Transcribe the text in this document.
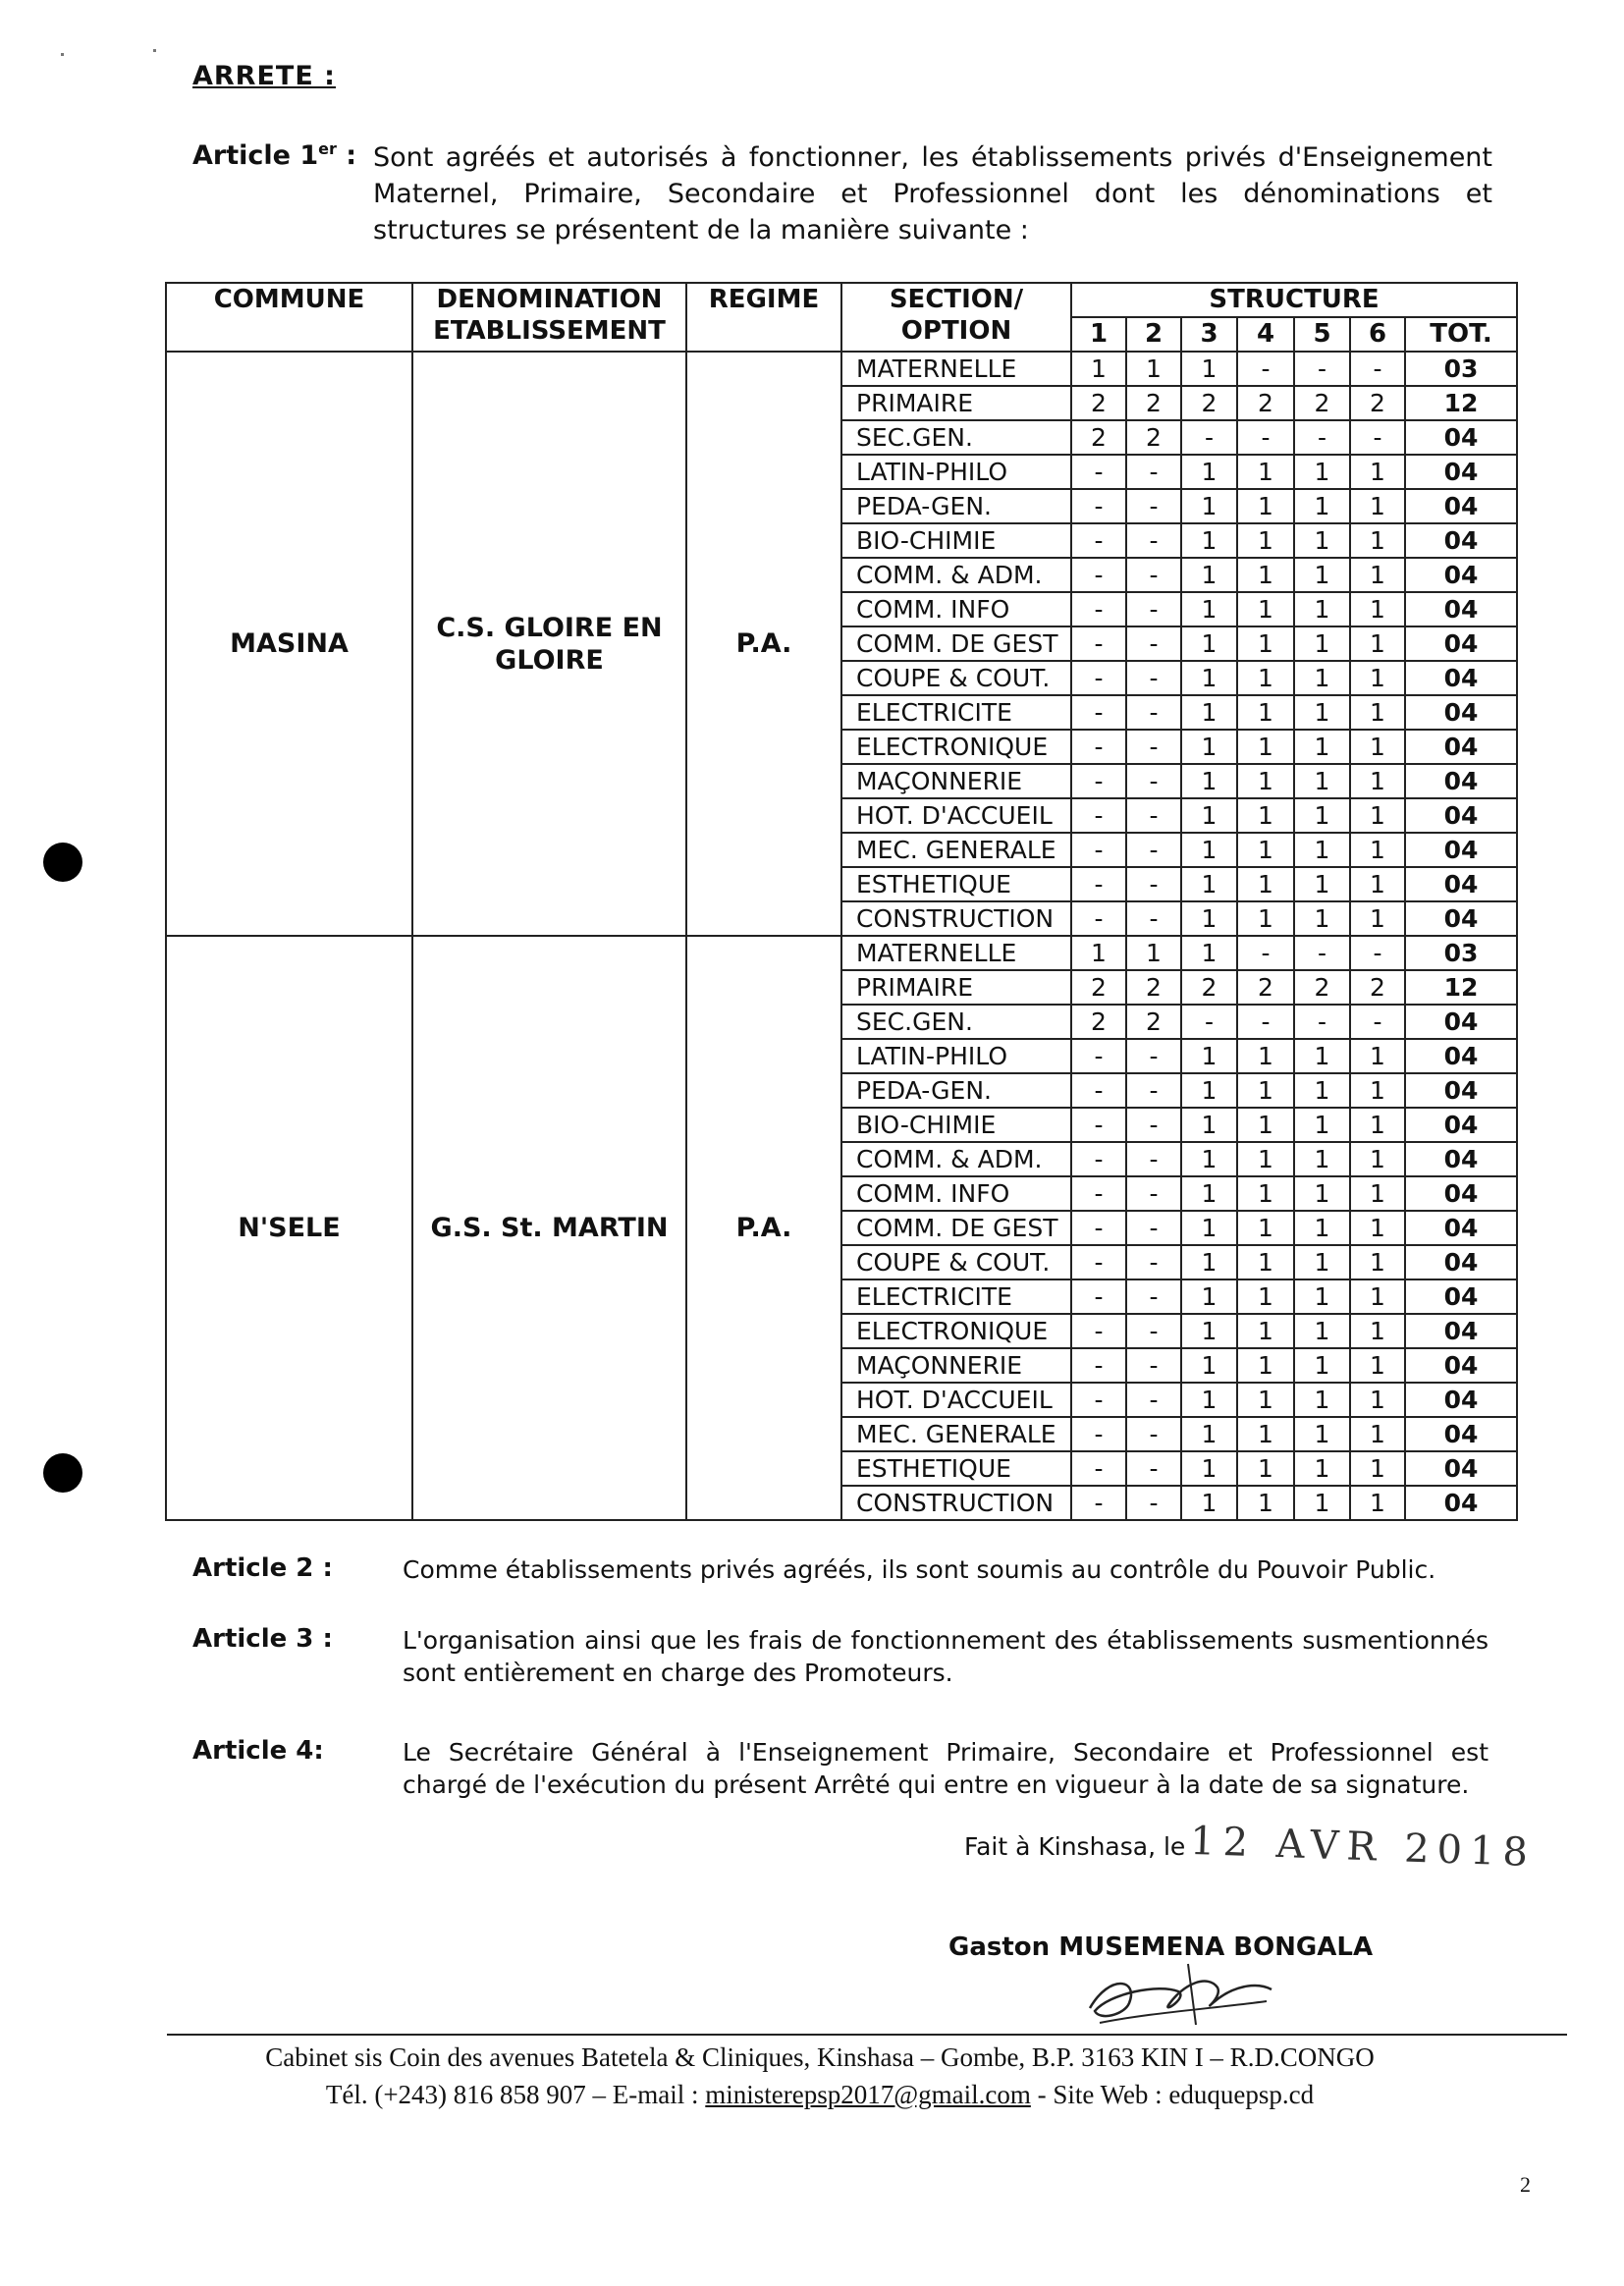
ARRETE :
Article 1er : Sont agréés et autorisés à fonctionner, les établissements privés d'Enseignement Maternel, Primaire, Secondaire et Professionnel dont les dénominations et structures se présentent de la manière suivante :
COMMUNE	DENOMINATION ETABLISSEMENT	REGIME	SECTION/ OPTION	STRUCTURE						
				1	2	3	4	5	6	TOT.
MASINA	C.S. GLOIRE EN GLOIRE	P.A.	MATERNELLE	1	1	1	-	-	-	03
			PRIMAIRE	2	2	2	2	2	2	12
			SEC.GEN.	2	2	-	-	-	-	04
			LATIN-PHILO	-	-	1	1	1	1	04
			PEDA-GEN.	-	-	1	1	1	1	04
			BIO-CHIMIE	-	-	1	1	1	1	04
			COMM. & ADM.	-	-	1	1	1	1	04
			COMM. INFO	-	-	1	1	1	1	04
			COMM. DE GEST	-	-	1	1	1	1	04
			COUPE & COUT.	-	-	1	1	1	1	04
			ELECTRICITE	-	-	1	1	1	1	04
			ELECTRONIQUE	-	-	1	1	1	1	04
			MAÇONNERIE	-	-	1	1	1	1	04
			HOT. D'ACCUEIL	-	-	1	1	1	1	04
			MEC. GENERALE	-	-	1	1	1	1	04
			ESTHETIQUE	-	-	1	1	1	1	04
			CONSTRUCTION	-	-	1	1	1	1	04
N'SELE	G.S. St. MARTIN	P.A.	MATERNELLE	1	1	1	-	-	-	03
			PRIMAIRE	2	2	2	2	2	2	12
			SEC.GEN.	2	2	-	-	-	-	04
			LATIN-PHILO	-	-	1	1	1	1	04
			PEDA-GEN.	-	-	1	1	1	1	04
			BIO-CHIMIE	-	-	1	1	1	1	04
			COMM. & ADM.	-	-	1	1	1	1	04
			COMM. INFO	-	-	1	1	1	1	04
			COMM. DE GEST	-	-	1	1	1	1	04
			COUPE & COUT.	-	-	1	1	1	1	04
			ELECTRICITE	-	-	1	1	1	1	04
			ELECTRONIQUE	-	-	1	1	1	1	04
			MAÇONNERIE	-	-	1	1	1	1	04
			HOT. D'ACCUEIL	-	-	1	1	1	1	04
			MEC. GENERALE	-	-	1	1	1	1	04
			ESTHETIQUE	-	-	1	1	1	1	04
			CONSTRUCTION	-	-	1	1	1	1	04
Article 2 :	Comme établissements privés agréés, ils sont soumis au contrôle du Pouvoir Public.
Article 3 :	L'organisation ainsi que les frais de fonctionnement des établissements susmentionnés sont entièrement en charge des Promoteurs.
Article 4:	Le Secrétaire Général à l'Enseignement Primaire, Secondaire et Professionnel est chargé de l'exécution du présent Arrêté qui entre en vigueur à la date de sa signature.
Fait à Kinshasa, le 12 AVR 2018
Gaston MUSEMENA BONGALA
Cabinet sis Coin des avenues Batetela & Cliniques, Kinshasa – Gombe, B.P. 3163 KIN I – R.D.CONGO
Tél. (+243) 816 858 907 – E-mail : ministerepsp2017@gmail.com - Site Web : eduquepsp.cd
2
